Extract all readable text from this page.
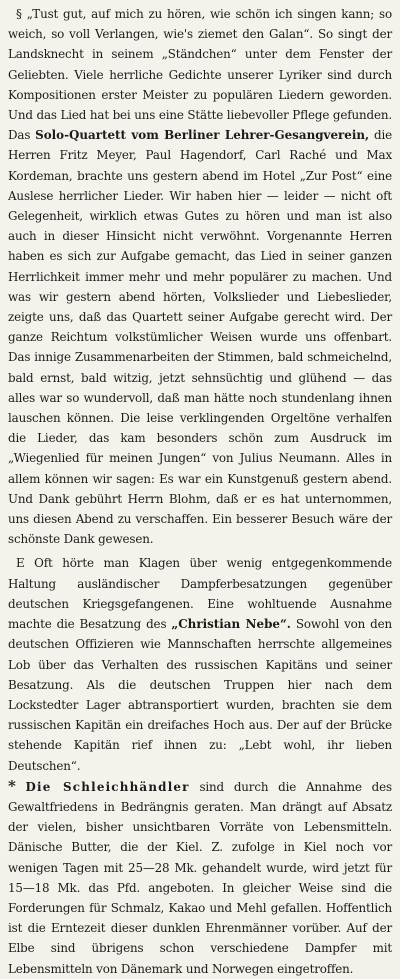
§ „Tust gut, auf mich zu hören, wie schön ich singen kann; so weich, so voll Verlangen, wie's ziemet den Galan“. So singt der Landsknecht in seinem „Ständchen“ unter dem Fenster der Geliebten. Viele herrliche Gedichte unserer Lyriker sind durch Kompositionen erster Meister zu populären Liedern geworden. Und das Lied hat bei uns eine Stätte liebevoller Pflege gefunden. Das Solo-Quartett vom Berliner Lehrer-Gesangverein, die Herren Fritz Meyer, Paul Hagendorf, Carl Raché und Max Kordeman, brachte uns gestern abend im Hotel „Zur Post“ eine Auslese herrlicher Lieder. Wir haben hier — leider — nicht oft Gelegenheit, wirklich etwas Gutes zu hören und man ist also auch in dieser Hinsicht nicht verwöhnt. Vorgenannte Herren haben es sich zur Aufgabe gemacht, das Lied in seiner ganzen Herrlichkeit immer mehr und mehr populärer zu machen. Und was wir gestern abend hörten, Volkslieder und Liebeslieder, zeigte uns, daß das Quartett seiner Aufgabe gerecht wird. Der ganze Reichtum volkstümlicher Weisen wurde uns offenbart. Das innige Zusammenarbeiten der Stimmen, bald schmeichelnd, bald ernst, bald witzig, jetzt sehnsüchtig und glühend — das alles war so wundervoll, daß man hätte noch stundenlang ihnen lauschen können. Die leise verklingenden Orgeltöne verhalfen die Lieder, das kam besonders schön zum Ausdruck im „Wiegenlied für meinen Jungen“ von Julius Neumann. Alles in allem können wir sagen: Es war ein Kunstgenuß gestern abend. Und Dank gebührt Herrn Blohm, daß er es hat unternommen, uns diesen Abend zu verschaffen. Ein besserer Besuch wäre der schönste Dank gewesen.

E Oft hörte man Klagen über wenig entgegenkommende Haltung ausländischer Dampferbesatzungen gegenüber deutschen Kriegsgefangenen. Eine wohltuende Ausnahme machte die Besatzung des „Christian Nebe“. Sowohl von den deutschen Offizieren wie Mannschaften herrschte allgemeines Lob über das Verhalten des russischen Kapitäns und seiner Besatzung. Als die deutschen Truppen hier nach dem Lockstedter Lager abtransportiert wurden, brachten sie dem russischen Kapitän ein dreifaches Hoch aus. Der auf der Brücke stehende Kapitän rief ihnen zu: „Lebt wohl, ihr lieben Deutschen“.

* Die Schleichhändler sind durch die Annahme des Gewaltfriedens in Bedrängnis geraten. Man drängt auf Absatz der vielen, bisher unsichtbaren Vorräte von Lebensmitteln. Dänische Butter, die der Kiel. Z. zufolge in Kiel noch vor wenigen Tagen mit 25—28 Mk. gehandelt wurde, wird jetzt für 15—18 Mk. das Pfd. angeboten. In gleicher Weise sind die Forderungen für Schmalz, Kakao und Mehl gefallen. Hoffentlich ist die Erntezeit dieser dunklen Ehrenmänner vorüber. Auf der Elbe sind übrigens schon verschiedene Dampfer mit Lebensmitteln von Dänemark und Norwegen eingetroffen.
